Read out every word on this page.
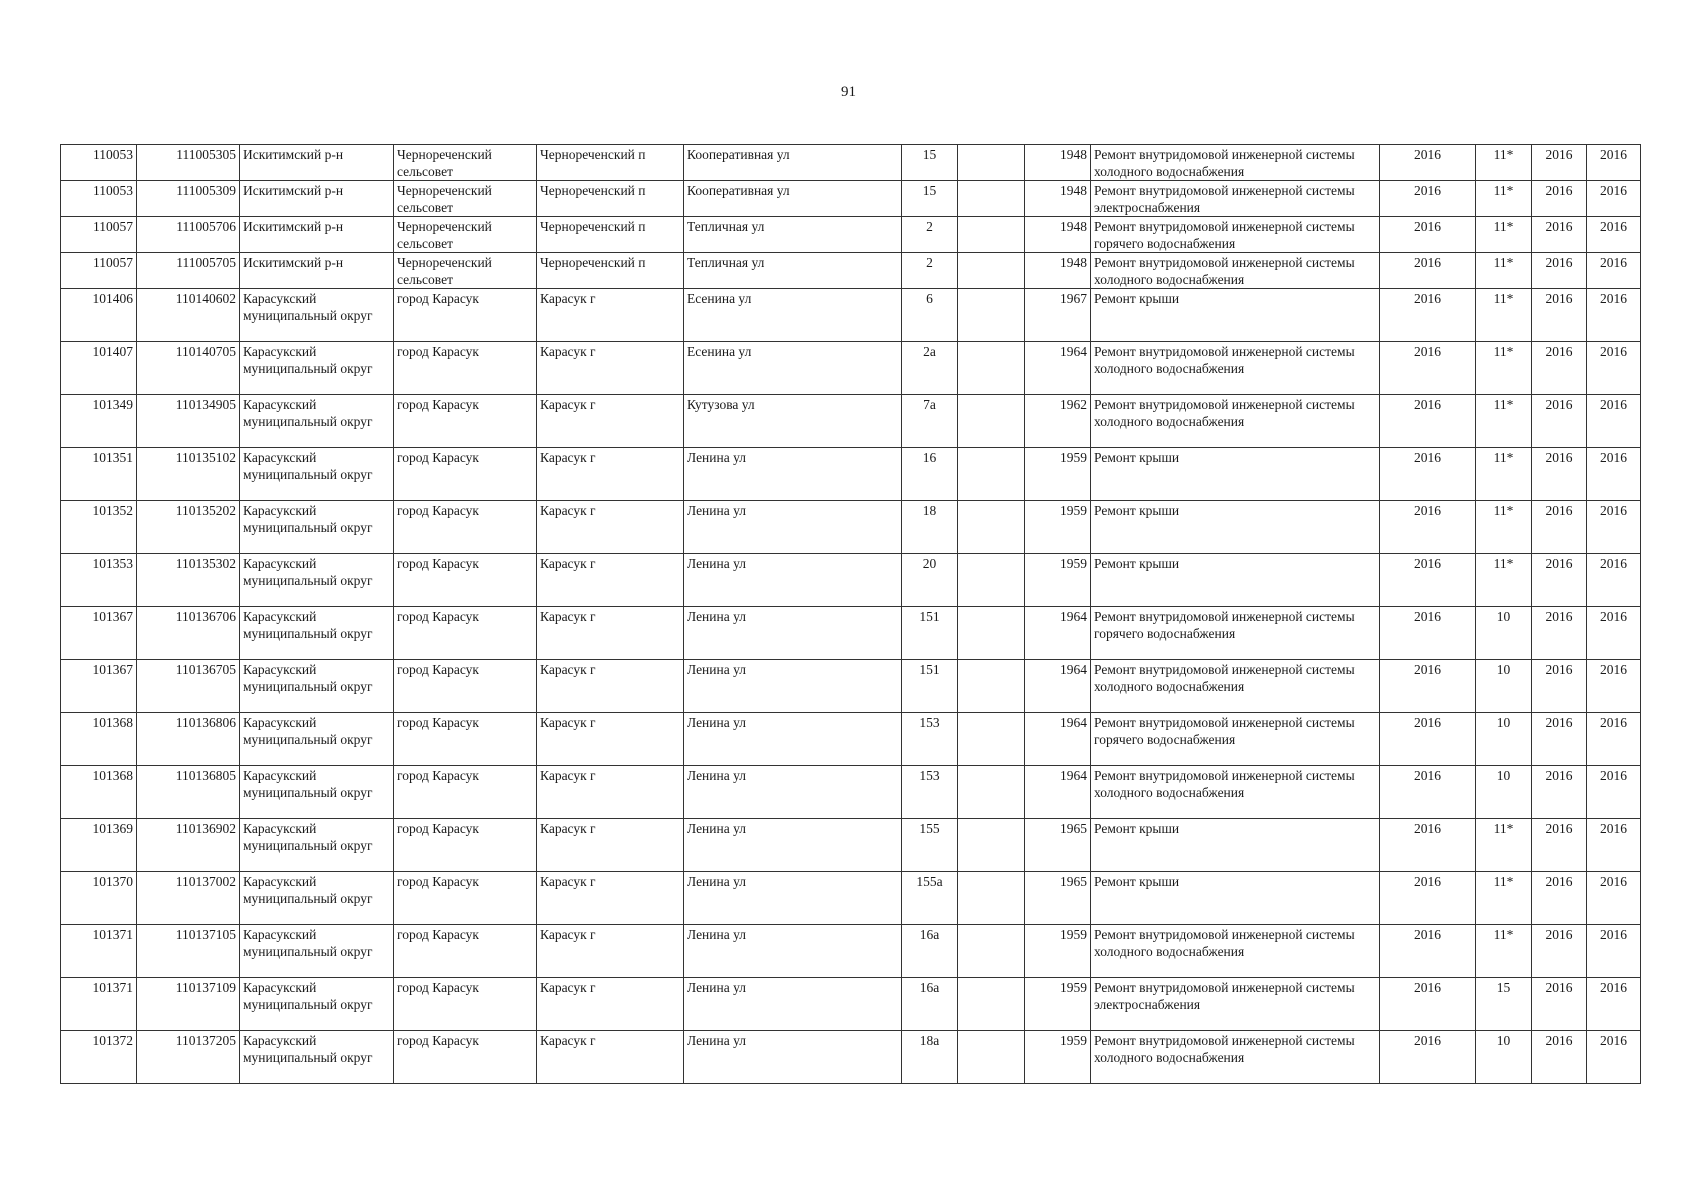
91
110053	111005305	Искитимский р-н	Чернореченский сельсовет	Чернореченский п	Кооперативная ул	15		1948	Ремонт внутридомовой инженерной системы холодного водоснабжения	2016	11*	2016	2016
110053	111005309	Искитимский р-н	Чернореченский сельсовет	Чернореченский п	Кооперативная ул	15		1948	Ремонт внутридомовой инженерной системы электроснабжения	2016	11*	2016	2016
110057	111005706	Искитимский р-н	Чернореченский сельсовет	Чернореченский п	Тепличная ул	2		1948	Ремонт внутридомовой инженерной системы горячего водоснабжения	2016	11*	2016	2016
110057	111005705	Искитимский р-н	Чернореченский сельсовет	Чернореченский п	Тепличная ул	2		1948	Ремонт внутридомовой инженерной системы холодного водоснабжения	2016	11*	2016	2016
101406	110140602	Карасукский муниципальный округ	город Карасук	Карасук г	Есенина ул	6		1967	Ремонт крыши	2016	11*	2016	2016
101407	110140705	Карасукский муниципальный округ	город Карасук	Карасук г	Есенина ул	2а		1964	Ремонт внутридомовой инженерной системы холодного водоснабжения	2016	11*	2016	2016
101349	110134905	Карасукский муниципальный округ	город Карасук	Карасук г	Кутузова ул	7а		1962	Ремонт внутридомовой инженерной системы холодного водоснабжения	2016	11*	2016	2016
101351	110135102	Карасукский муниципальный округ	город Карасук	Карасук г	Ленина ул	16		1959	Ремонт крыши	2016	11*	2016	2016
101352	110135202	Карасукский муниципальный округ	город Карасук	Карасук г	Ленина ул	18		1959	Ремонт крыши	2016	11*	2016	2016
101353	110135302	Карасукский муниципальный округ	город Карасук	Карасук г	Ленина ул	20		1959	Ремонт крыши	2016	11*	2016	2016
101367	110136706	Карасукский муниципальный округ	город Карасук	Карасук г	Ленина ул	151		1964	Ремонт внутридомовой инженерной системы горячего водоснабжения	2016	10	2016	2016
101367	110136705	Карасукский муниципальный округ	город Карасук	Карасук г	Ленина ул	151		1964	Ремонт внутридомовой инженерной системы холодного водоснабжения	2016	10	2016	2016
101368	110136806	Карасукский муниципальный округ	город Карасук	Карасук г	Ленина ул	153		1964	Ремонт внутридомовой инженерной системы горячего водоснабжения	2016	10	2016	2016
101368	110136805	Карасукский муниципальный округ	город Карасук	Карасук г	Ленина ул	153		1964	Ремонт внутридомовой инженерной системы холодного водоснабжения	2016	10	2016	2016
101369	110136902	Карасукский муниципальный округ	город Карасук	Карасук г	Ленина ул	155		1965	Ремонт крыши	2016	11*	2016	2016
101370	110137002	Карасукский муниципальный округ	город Карасук	Карасук г	Ленина ул	155а		1965	Ремонт крыши	2016	11*	2016	2016
101371	110137105	Карасукский муниципальный округ	город Карасук	Карасук г	Ленина ул	16а		1959	Ремонт внутридомовой инженерной системы холодного водоснабжения	2016	11*	2016	2016
101371	110137109	Карасукский муниципальный округ	город Карасук	Карасук г	Ленина ул	16а		1959	Ремонт внутридомовой инженерной системы электроснабжения	2016	15	2016	2016
101372	110137205	Карасукский муниципальный округ	город Карасук	Карасук г	Ленина ул	18а		1959	Ремонт внутридомовой инженерной системы холодного водоснабжения	2016	10	2016	2016
